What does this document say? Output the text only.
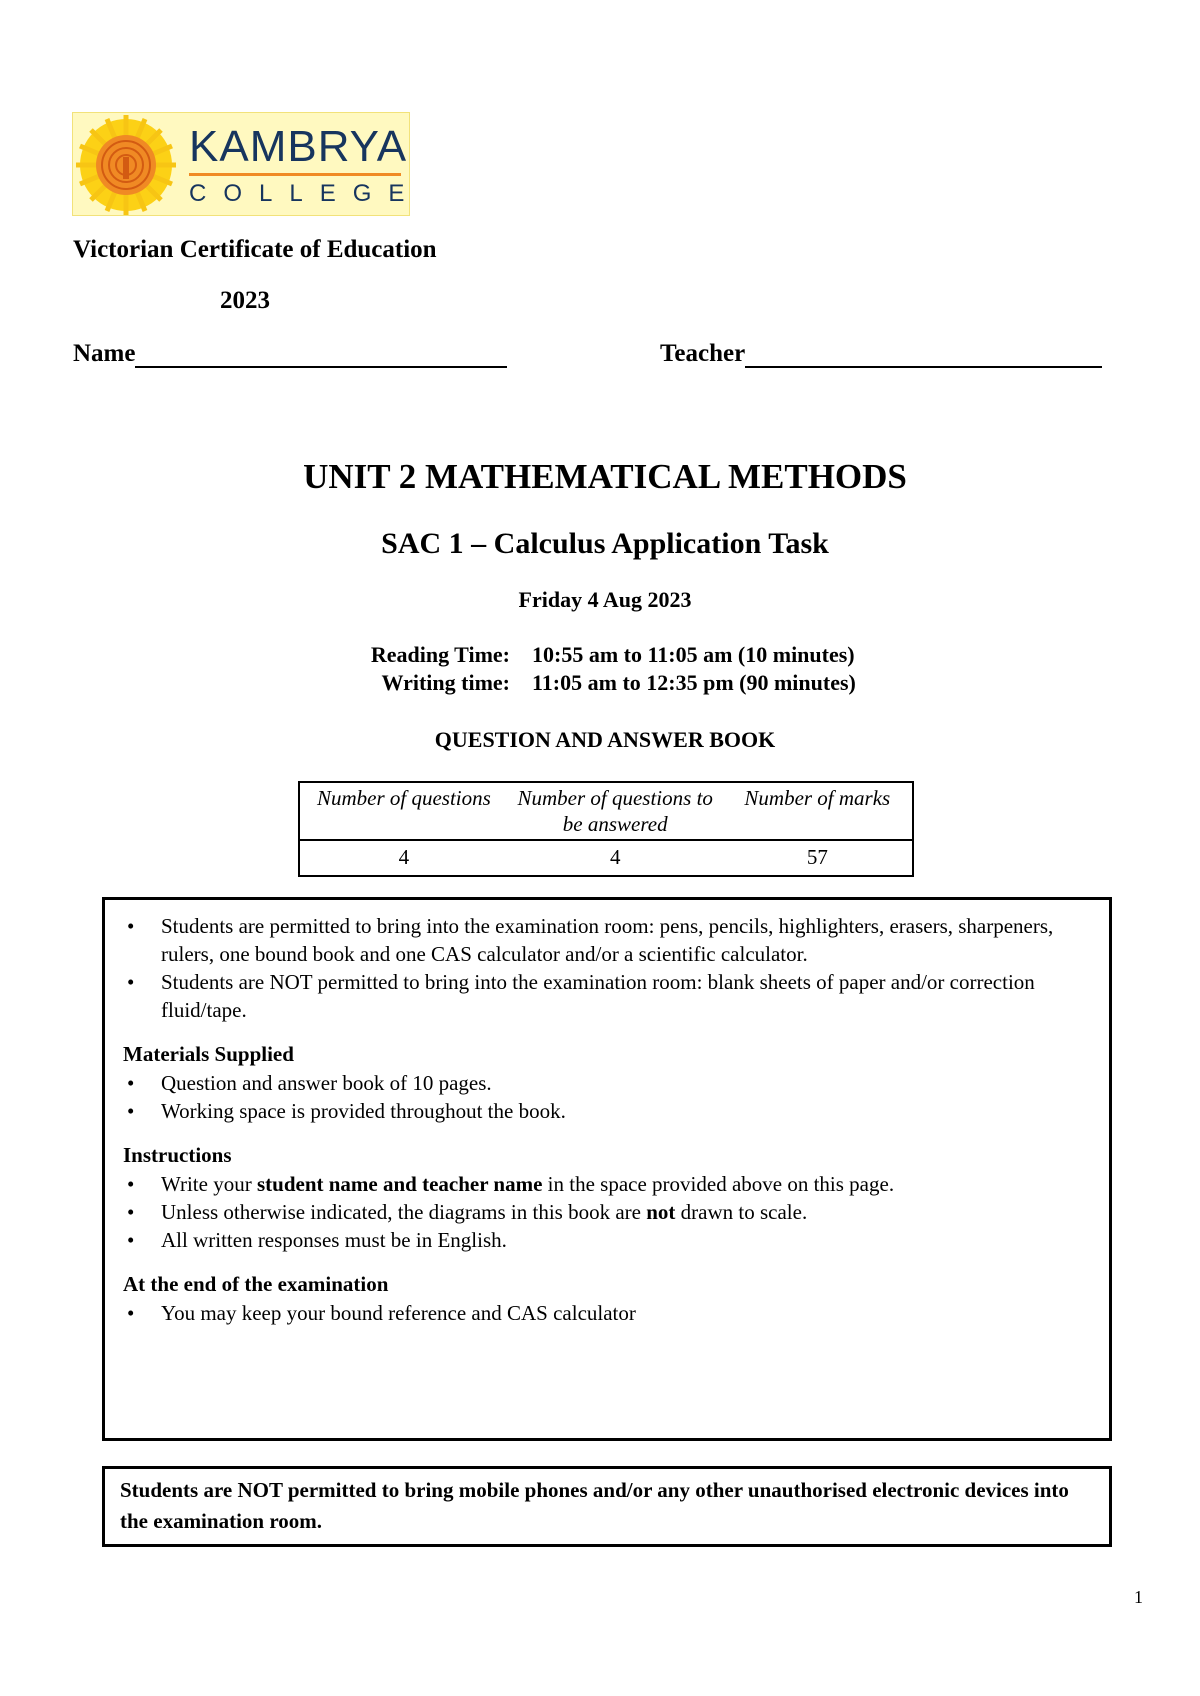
KAMBRYA
COLLEGE
Victorian Certificate of Education
2023
Name	Teacher
UNIT 2 MATHEMATICAL METHODS
SAC 1 – Calculus Application Task
Friday 4 Aug 2023
Reading Time:	10:55 am to 11:05 am (10 minutes)
Writing time:	11:05 am to 12:35 pm (90 minutes)
QUESTION AND ANSWER BOOK
Number of questions	Number of questions to be answered	Number of marks
4	4	57
• Students are permitted to bring into the examination room: pens, pencils, highlighters, erasers, sharpeners, rulers, one bound book and one CAS calculator and/or a scientific calculator.
• Students are NOT permitted to bring into the examination room: blank sheets of paper and/or correction fluid/tape.
Materials Supplied
• Question and answer book of 10 pages.
• Working space is provided throughout the book.
Instructions
• Write your student name and teacher name in the space provided above on this page.
• Unless otherwise indicated, the diagrams in this book are not drawn to scale.
• All written responses must be in English.
At the end of the examination
• You may keep your bound reference and CAS calculator
Students are NOT permitted to bring mobile phones and/or any other unauthorised electronic devices into the examination room.
1
